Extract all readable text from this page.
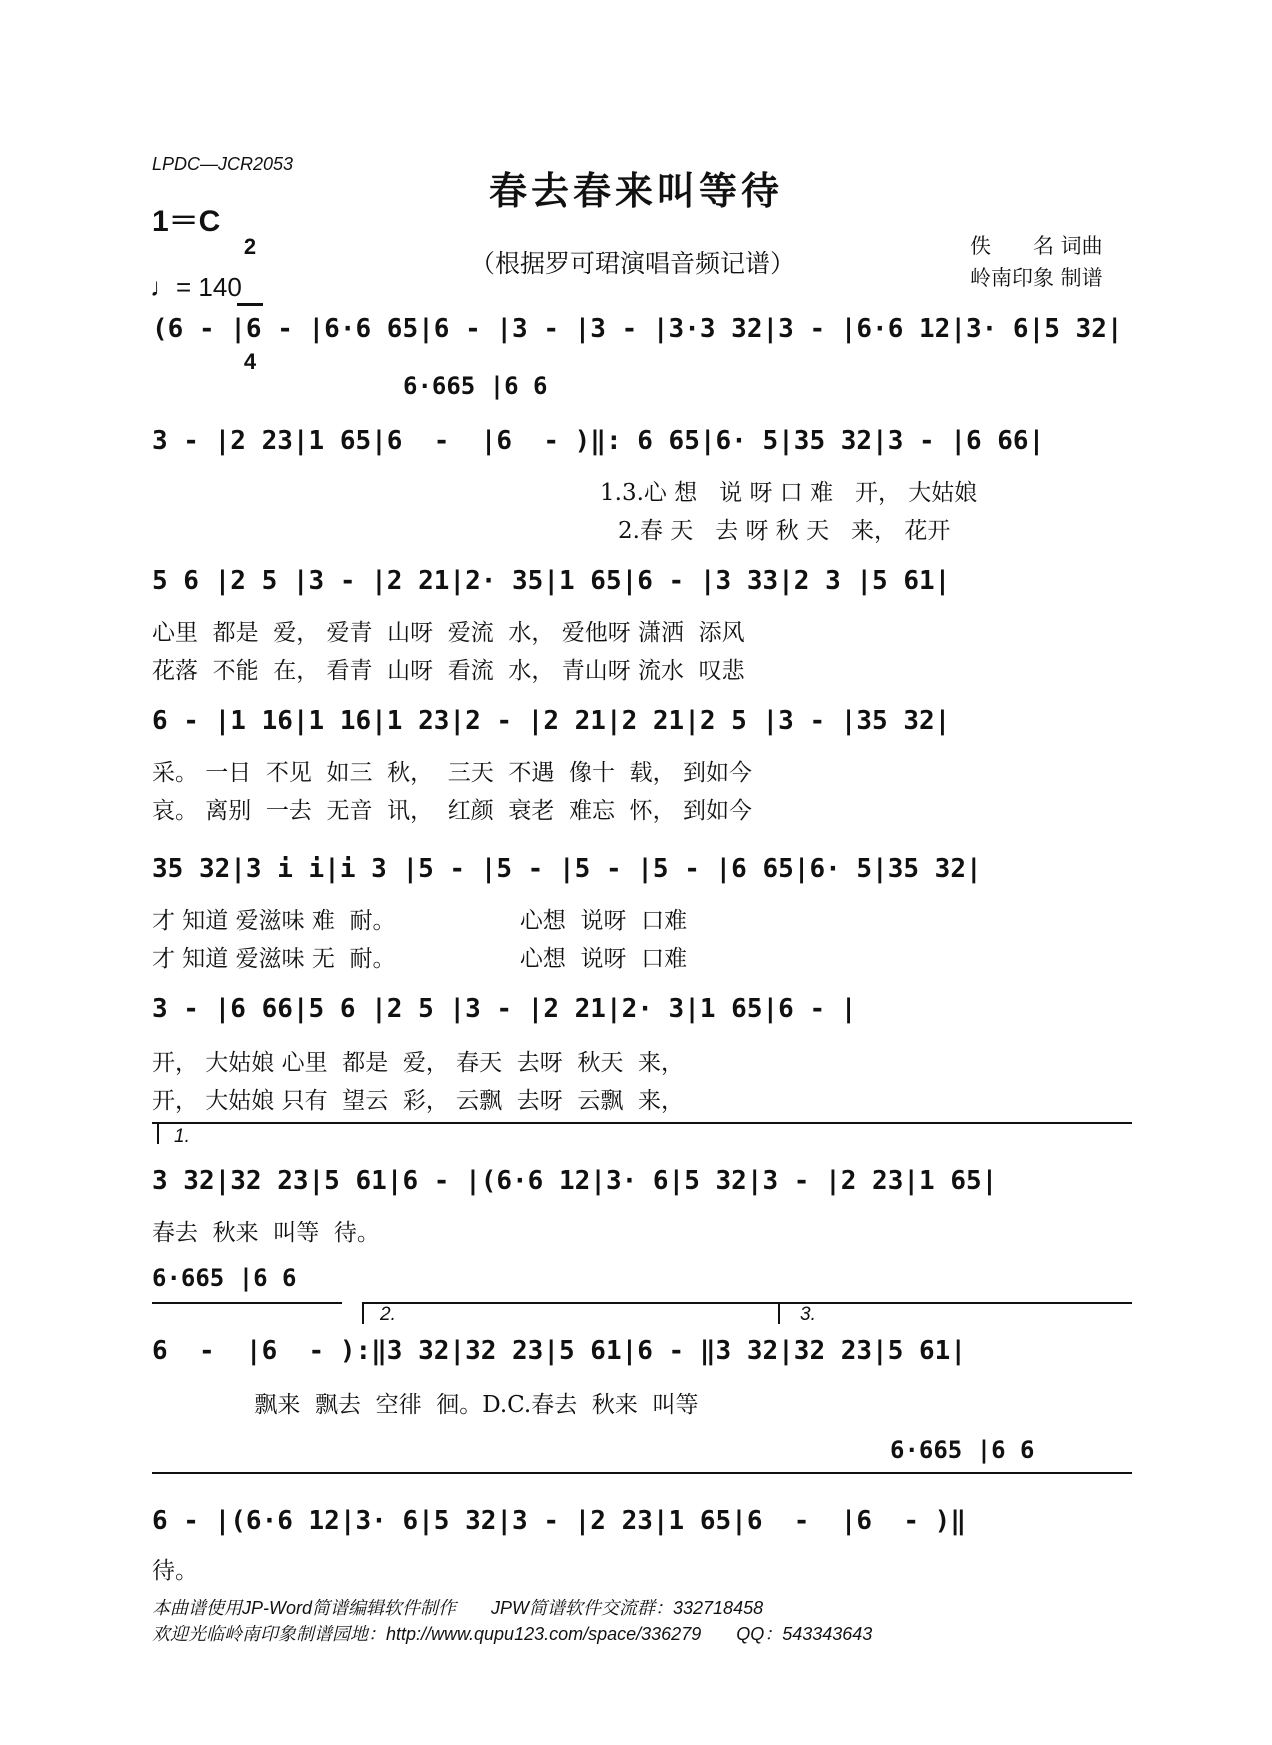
LPDC—JCR2053
春去春来叫等待
1＝C

2

4

（根据罗可珺演唱音频记谱）
佚　　名 词曲
岭南印象 制谱
♩= 140
(6 - |6 - |6·6 65|6 - |3 - |3 - |3·3 32|3 - |6·6 12|3· 6|5 32|
6·665 |6 6
3 - |2 23|1 65|6  -  |6  - )‖: 6 65|6· 5|35 32|3 - |6 66|
1.3.心 想   说 呀 口 难   开， 大姑娘
2.春 天   去 呀 秋 天   来， 花开
5 6 |2 5 |3 - |2 21|2· 35|1 65|6 - |3 33|2 3 |5 61|
心里  都是  爱， 爱青  山呀  爱流  水， 爱他呀 潇洒  添风
花落  不能  在， 看青  山呀  看流  水， 青山呀 流水  叹悲
6 - |1 16|1 16|1 23|2 - |2 21|2 21|2 5 |3 - |35 32|
采。 一日  不见  如三  秋，  三天  不遇  像十  载， 到如今
哀。 离别  一去  无音  讯，  红颜  衰老  难忘  怀， 到如今
35 32|3 i i|i 3 |5 - |5 - |5 - |5 - |6 65|6· 5|35 32|
才 知道 爱滋味 难  耐。                 心想  说呀  口难
才 知道 爱滋味 无  耐。                 心想  说呀  口难
3 - |6 66|5 6 |2 5 |3 - |2 21|2· 3|1 65|6 - |
开， 大姑娘 心里  都是  爱， 春天  去呀  秋天  来，
开， 大姑娘 只有  望云  彩， 云飘  去呀  云飘  来，
1.
3 32|32 23|5 61|6 - |(6·6 12|3· 6|5 32|3 - |2 23|1 65|
春去  秋来  叫等  待。
6·665 |6 6
2.	3.
6  -  |6  - ):‖3 32|32 23|5 61|6 - ‖3 32|32 23|5 61|
飘来  飘去  空徘  徊。D.C.春去  秋来  叫等
6·665 |6 6
6 - |(6·6 12|3· 6|5 32|3 - |2 23|1 65|6  -  |6  - )‖
待。
本曲谱使用JP-Word简谱编辑软件制作       JPW简谱软件交流群：332718458
欢迎光临岭南印象制谱园地：http://www.qupu123.com/space/336279       QQ：543343643
